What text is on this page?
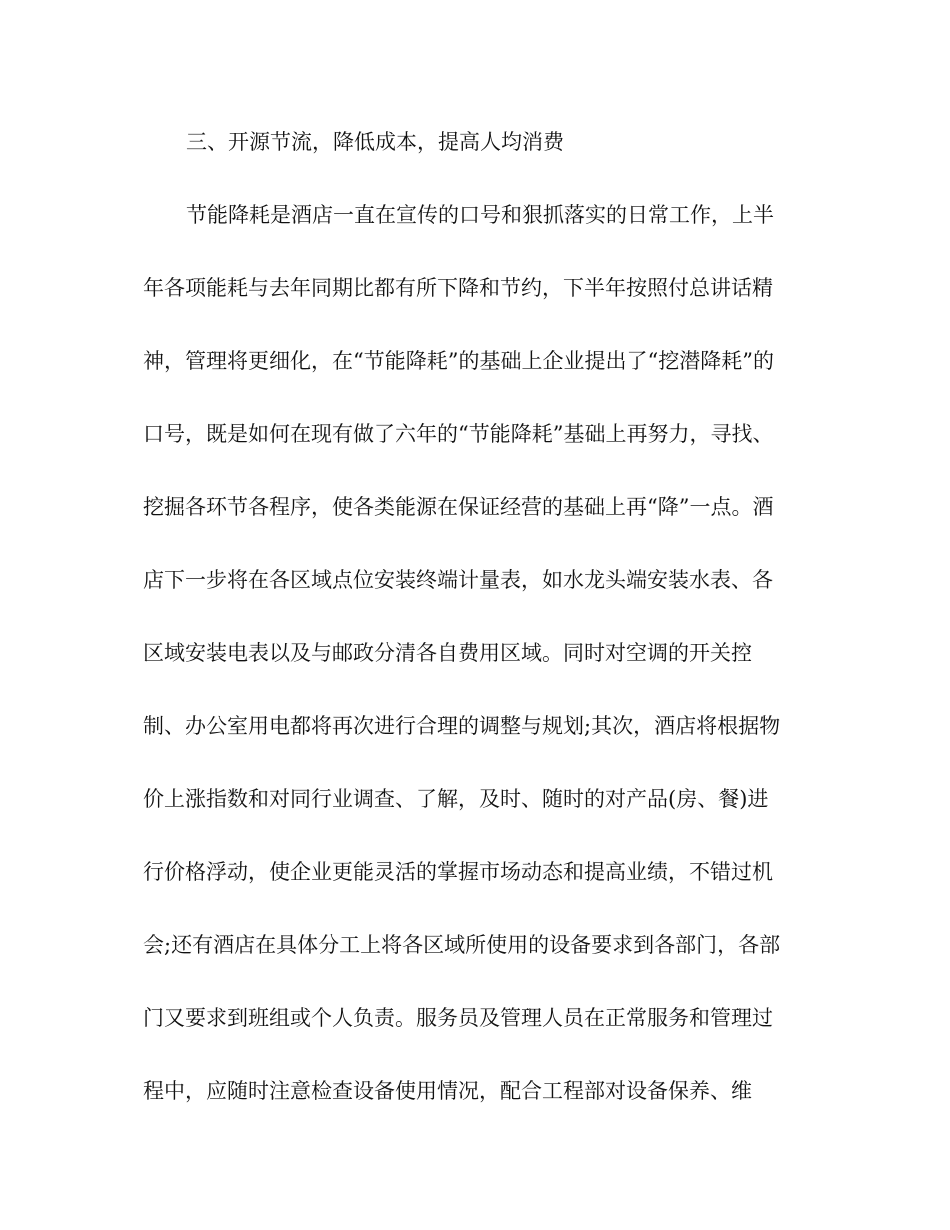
三、开源节流，降低成本，提高人均消费
节能降耗是酒店一直在宣传的口号和狠抓落实的日常工作，上半
年各项能耗与去年同期比都有所下降和节约，下半年按照付总讲话精
神，管理将更细化，在“节能降耗”的基础上企业提出了“挖潜降耗”的
口号，既是如何在现有做了六年的“节能降耗”基础上再努力，寻找、
挖掘各环节各程序，使各类能源在保证经营的基础上再“降”一点。酒
店下一步将在各区域点位安装终端计量表，如水龙头端安装水表、各
区域安装电表以及与邮政分清各自费用区域。同时对空调的开关控
制、办公室用电都将再次进行合理的调整与规划;其次，酒店将根据物
价上涨指数和对同行业调查、了解，及时、随时的对产品(房、餐)进
行价格浮动，使企业更能灵活的掌握市场动态和提高业绩，不错过机
会;还有酒店在具体分工上将各区域所使用的设备要求到各部门，各部
门又要求到班组或个人负责。服务员及管理人员在正常服务和管理过
程中，应随时注意检查设备使用情况，配合工程部对设备保养、维
